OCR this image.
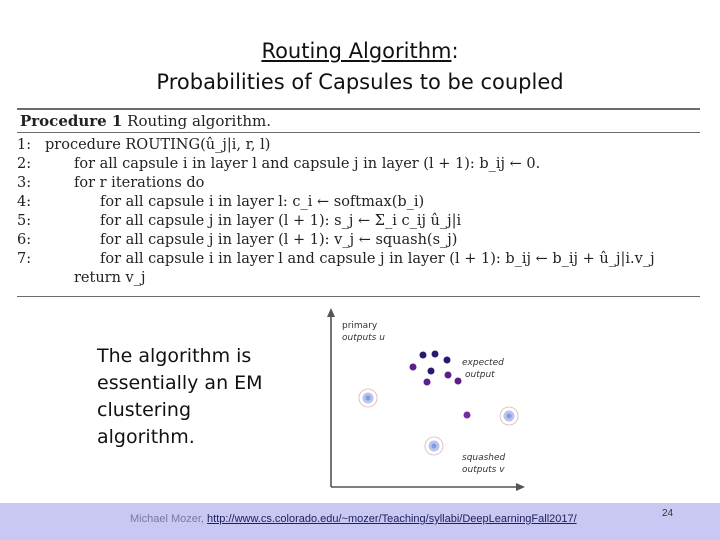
Routing Algorithm:
Probabilities of Capsules to be coupled
Procedure 1 Routing algorithm.
1: procedure ROUTING(û_j|i, r, l)
2:	for all capsule i in layer l and capsule j in layer (l + 1): b_ij ← 0.
3:	for r iterations do
4:	for all capsule i in layer l: c_i ← softmax(b_i)
5:	for all capsule j in layer (l + 1): s_j ← Σ_i c_ij û_j|i
6:	for all capsule j in layer (l + 1): v_j ← squash(s_j)
7:	for all capsule i in layer l and capsule j in layer (l + 1): b_ij ← b_ij + û_j|i.v_j
return v_j
The algorithm is
essentially an EM
clustering
algorithm.
primary
outputs u
expected
output
squashed
outputs v
Michael Mozer, http://www.cs.colorado.edu/~mozer/Teaching/syllabi/DeepLearningFall2017/	24
